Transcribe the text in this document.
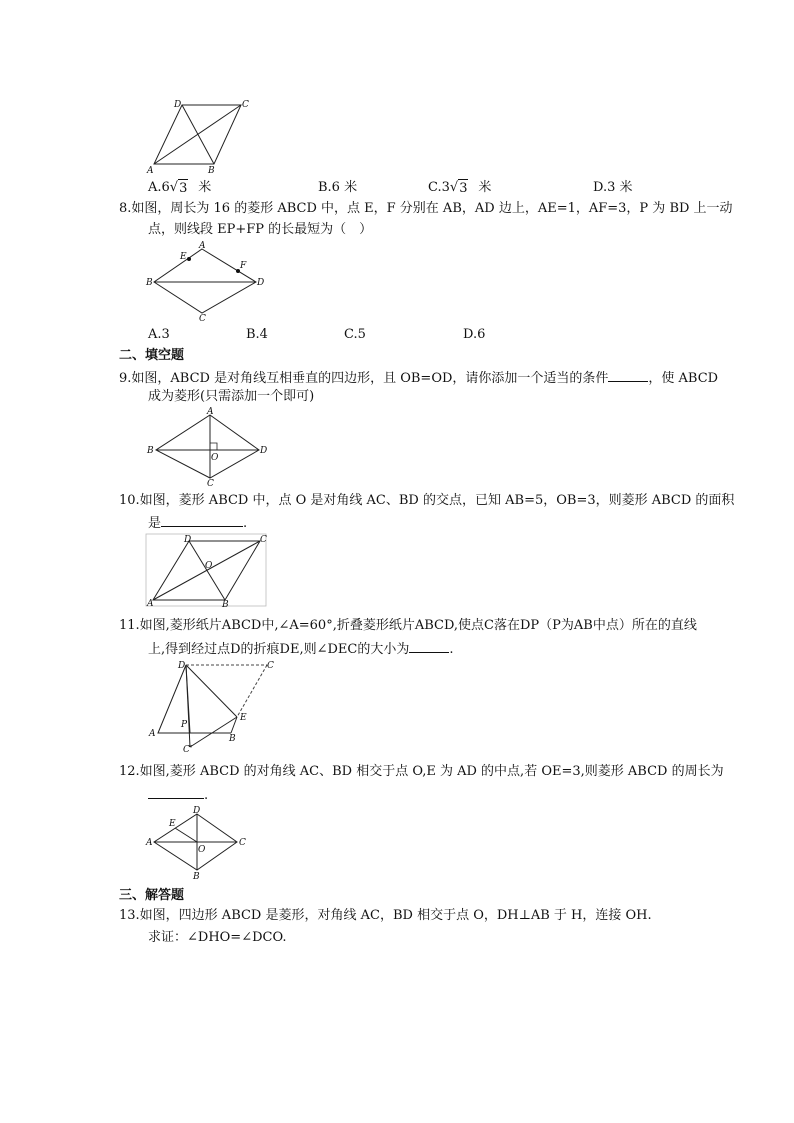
D	C
A	B
A.6√ 3 米	B.6 米	C.3√ 3 米	D.3 米
8.如图，周长为 16 的菱形 ABCD 中，点 E，F 分别在 AB，AD 边上，AE=1，AF=3，P 为 BD 上一动
点，则线段 EP+FP 的长最短为（　）
A
E
F
B	D
C
A.3	B.4	C.5	D.6
二、填空题
9.如图，ABCD 是对角线互相垂直的四边形，且 OB=OD，请你添加一个适当的条件	，使 ABCD
成为菱形(只需添加一个即可)
A
B	D
O
C
10.如图，菱形 ABCD 中，点 O 是对角线 AC、BD 的交点，已知 AB=5，OB=3，则菱形 ABCD 的面积
是	.
D	C
O
A	B
11.如图,菱形纸片ABCD中,∠A=60°,折叠菱形纸片ABCD,使点C落在DP（P为AB中点）所在的直线
上,得到经过点D的折痕DE,则∠DEC的大小为	.
D	C
E
P
A	B
C'
12.如图,菱形 ABCD 的对角线 AC、BD 相交于点 O,E 为 AD 的中点,若 OE=3,则菱形 ABCD 的周长为
.
D
E
A	C
O
B
三、解答题
13.如图，四边形 ABCD 是菱形，对角线 AC，BD 相交于点 O，DH⊥AB 于 H，连接 OH.
求证：∠DHO=∠DCO.
